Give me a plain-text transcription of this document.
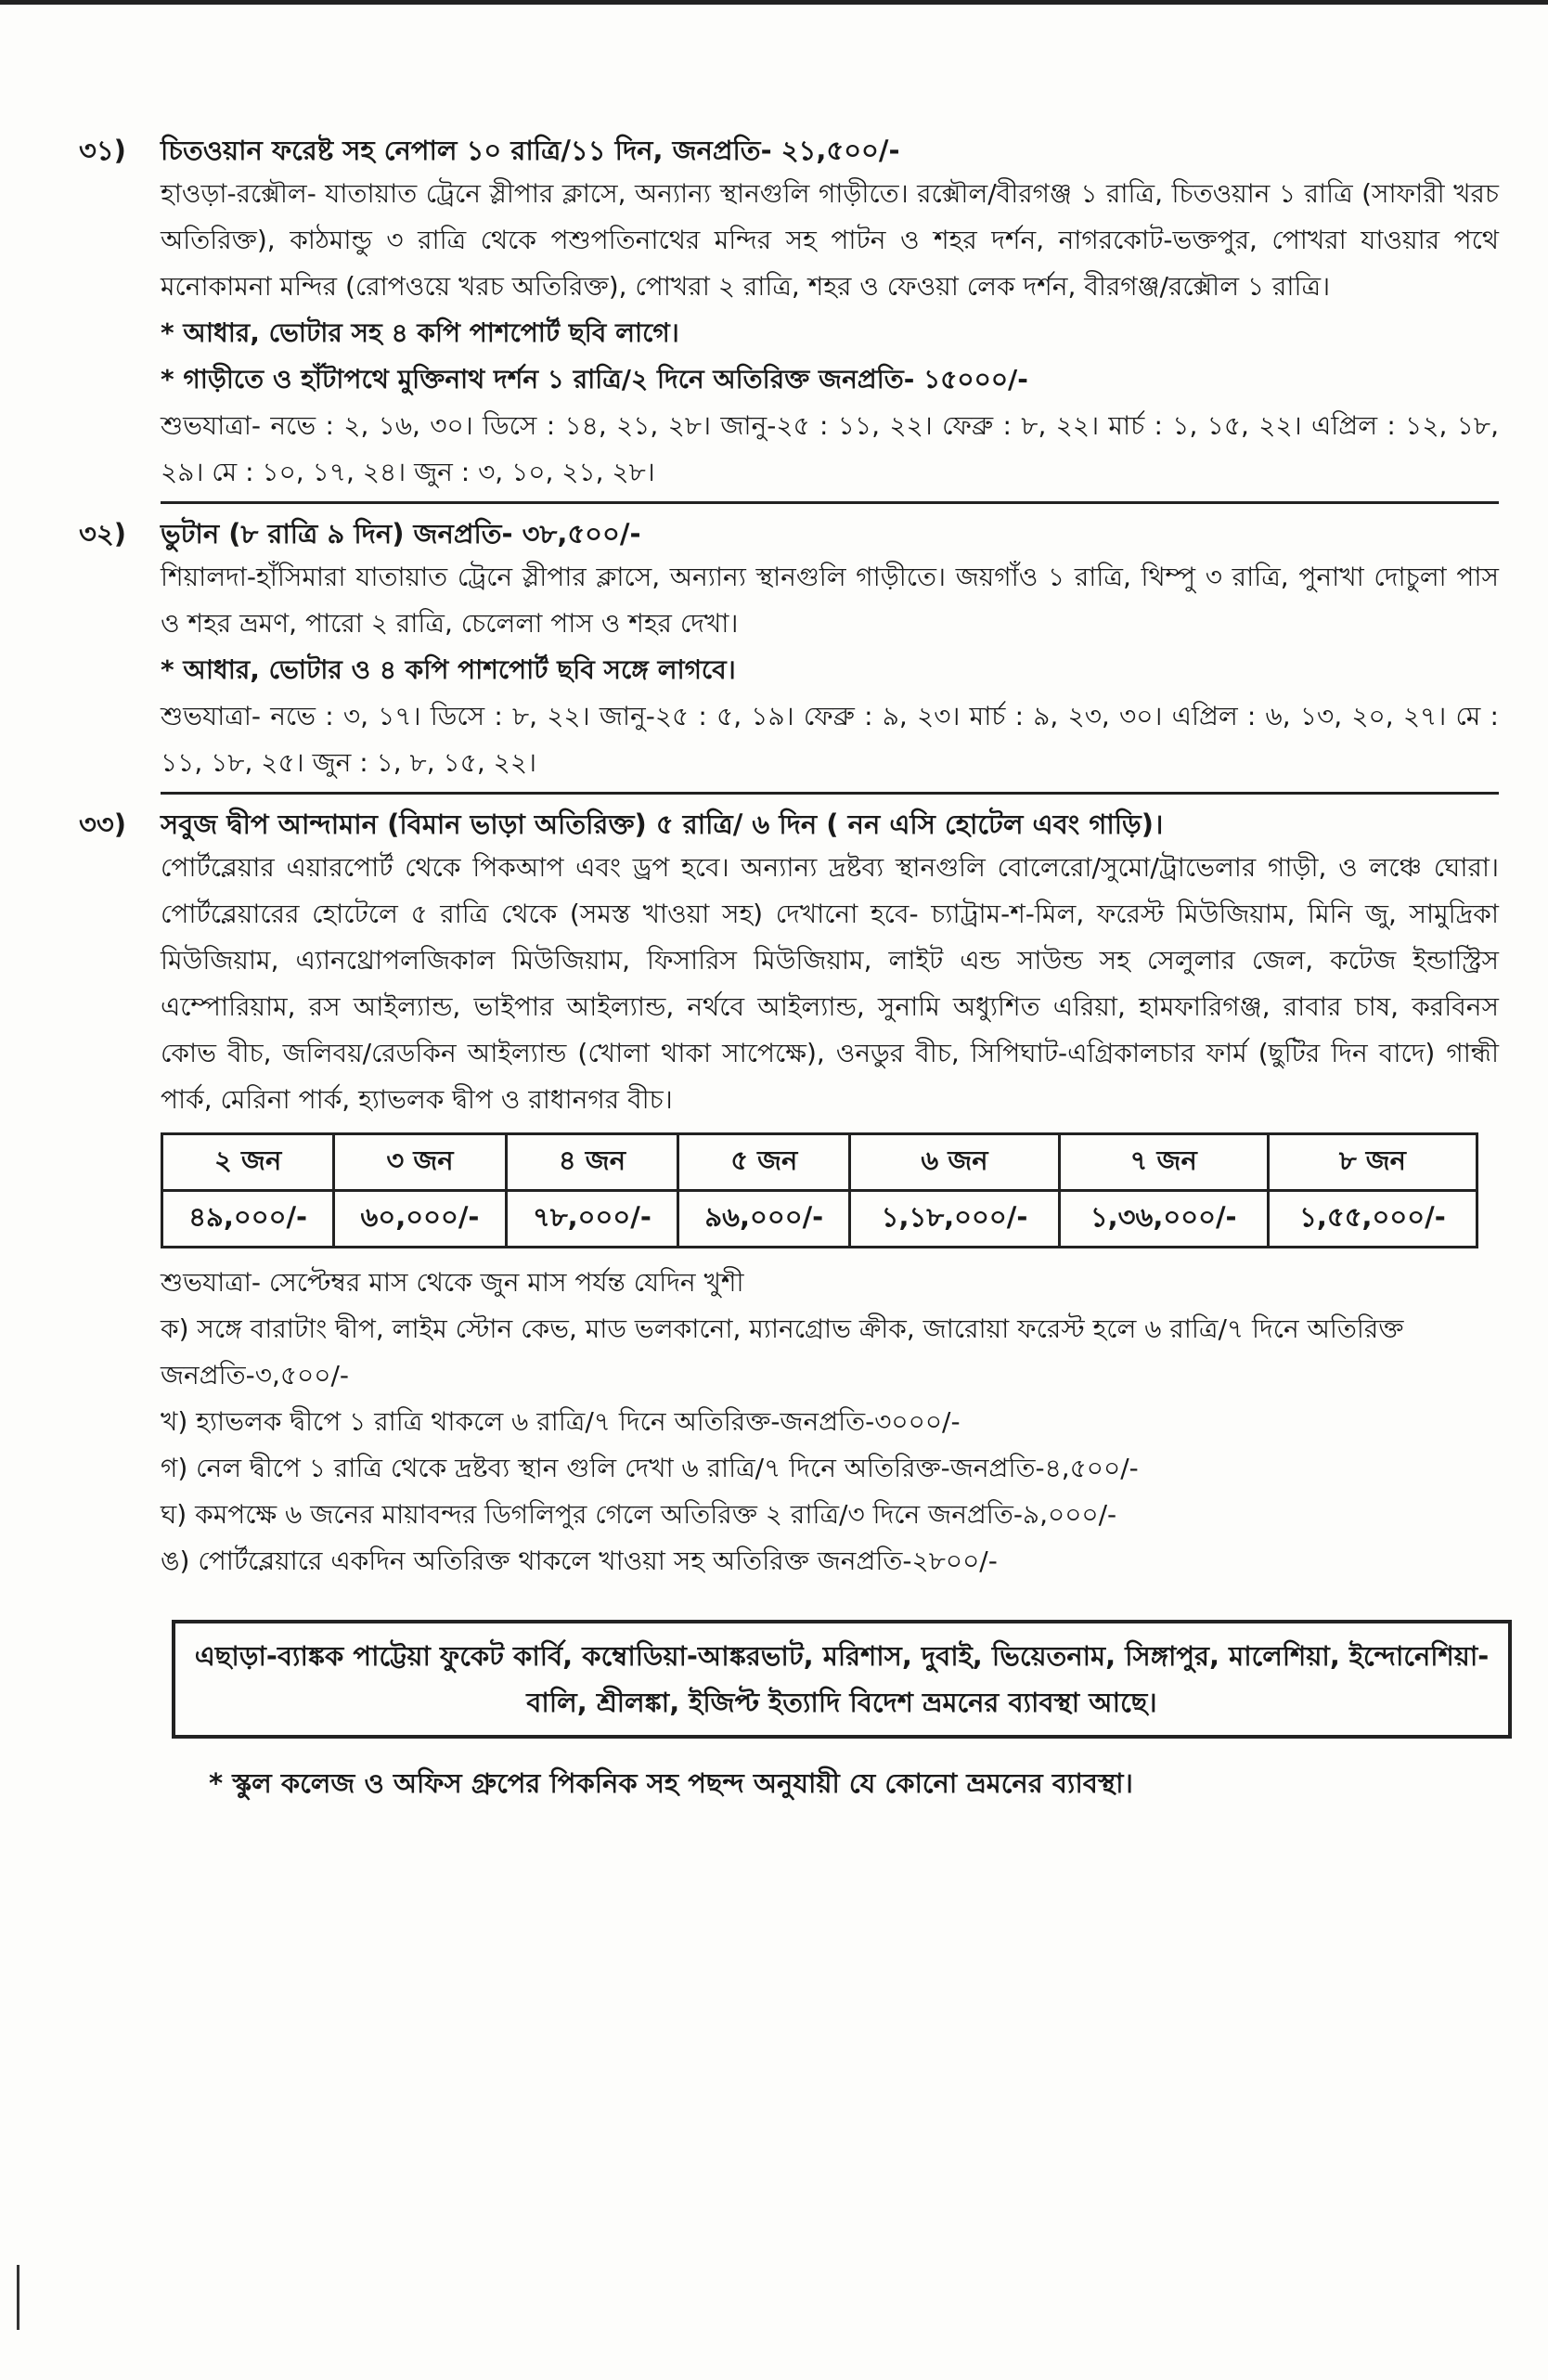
৩১)	চিতওয়ান ফরেষ্ট সহ নেপাল ১০ রাত্রি/১১ দিন, জনপ্রতি- ২১,৫০০/-

হাওড়া-রক্সৌল- যাতায়াত ট্রেনে স্লীপার ক্লাসে, অন্যান্য স্থানগুলি গাড়ীতে। রক্সৌল/বীরগঞ্জ ১ রাত্রি, চিতওয়ান ১ রাত্রি (সাফারী খরচ অতিরিক্ত), কাঠমান্ডু ৩ রাত্রি থেকে পশুপতিনাথের মন্দির সহ পাটন ও শহর দর্শন, নাগরকোট-ভক্তপুর, পোখরা যাওয়ার পথে মনোকামনা মন্দির (রোপওয়ে খরচ অতিরিক্ত), পোখরা ২ রাত্রি, শহর ও ফেওয়া লেক দর্শন, বীরগঞ্জ/রক্সৌল ১ রাত্রি।

* আধার, ভোটার সহ ৪ কপি পাশপোর্ট ছবি লাগে।

* গাড়ীতে ও হাঁটাপথে মুক্তিনাথ দর্শন ১ রাত্রি/২ দিনে অতিরিক্ত জনপ্রতি- ১৫০০০/-

শুভযাত্রা- নভে : ২, ১৬, ৩০। ডিসে : ১৪, ২১, ২৮। জানু-২৫ : ১১, ২২। ফেব্রু : ৮, ২২। মার্চ : ১, ১৫, ২২। এপ্রিল : ১২, ১৮, ২৯। মে : ১০, ১৭, ২৪। জুন : ৩, ১০, ২১, ২৮।

৩২)	ভুটান (৮ রাত্রি ৯ দিন) জনপ্রতি- ৩৮,৫০০/-

শিয়ালদা-হাঁসিমারা যাতায়াত ট্রেনে স্লীপার ক্লাসে, অন্যান্য স্থানগুলি গাড়ীতে। জয়গাঁও ১ রাত্রি, থিম্পু ৩ রাত্রি, পুনাখা দোচুলা পাস ও শহর ভ্রমণ, পারো ২ রাত্রি, চেলেলা পাস ও শহর দেখা।

* আধার, ভোটার ও ৪ কপি পাশপোর্ট ছবি সঙ্গে লাগবে।

শুভযাত্রা- নভে : ৩, ১৭। ডিসে : ৮, ২২। জানু-২৫ : ৫, ১৯। ফেব্রু : ৯, ২৩। মার্চ : ৯, ২৩, ৩০। এপ্রিল : ৬, ১৩, ২০, ২৭। মে : ১১, ১৮, ২৫। জুন : ১, ৮, ১৫, ২২।

৩৩)	সবুজ দ্বীপ আন্দামান (বিমান ভাড়া অতিরিক্ত) ৫ রাত্রি/ ৬ দিন ( নন এসি হোটেল এবং গাড়ি)।

পোর্টব্লেয়ার এয়ারপোর্ট থেকে পিকআপ এবং ড্রপ হবে। অন্যান্য দ্রষ্টব্য স্থানগুলি বোলেরো/সুমো/ট্রাভেলার গাড়ী, ও লঞ্চে ঘোরা। পোর্টব্লেয়ারের হোটেলে ৫ রাত্রি থেকে (সমস্ত খাওয়া সহ) দেখানো হবে- চ্যাট্রাম-শ-মিল, ফরেস্ট মিউজিয়াম, মিনি জু, সামুদ্রিকা মিউজিয়াম, এ্যানথ্রোপলজিকাল মিউজিয়াম, ফিসারিস মিউজিয়াম, লাইট এন্ড সাউন্ড সহ সেলুলার জেল, কটেজ ইন্ডাস্ট্রিস এম্পোরিয়াম, রস আইল্যান্ড, ভাইপার আইল্যান্ড, নর্থবে আইল্যান্ড, সুনামি অধ্যুশিত এরিয়া, হামফারিগঞ্জ, রাবার চাষ, করবিনস কোভ বীচ, জলিবয়/রেডকিন আইল্যান্ড (খোলা থাকা সাপেক্ষে), ওনডুর বীচ, সিপিঘাট-এগ্রিকালচার ফার্ম (ছুটির দিন বাদে) গান্ধী পার্ক, মেরিনা পার্ক, হ্যাভলক দ্বীপ ও রাধানগর বীচ।

২ জন	৩ জন	৪ জন	৫ জন	৬ জন	৭ জন	৮ জন
৪৯,০০০/-	৬০,০০০/-	৭৮,০০০/-	৯৬,০০০/-	১,১৮,০০০/-	১,৩৬,০০০/-	১,৫৫,০০০/-

শুভযাত্রা- সেপ্টেম্বর মাস থেকে জুন মাস পর্যন্ত যেদিন খুশী

ক) সঙ্গে বারাটাং দ্বীপ, লাইম স্টোন কেভ, মাড ভলকানো, ম্যানগ্রোভ ক্রীক, জারোয়া ফরেস্ট হলে ৬ রাত্রি/৭ দিনে অতিরিক্ত জনপ্রতি-৩,৫০০/-

খ) হ্যাভলক দ্বীপে ১ রাত্রি থাকলে ৬ রাত্রি/৭ দিনে অতিরিক্ত-জনপ্রতি-৩০০০/-

গ) নেল দ্বীপে ১ রাত্রি থেকে দ্রষ্টব্য স্থান গুলি দেখা ৬ রাত্রি/৭ দিনে অতিরিক্ত-জনপ্রতি-৪,৫০০/-

ঘ) কমপক্ষে ৬ জনের মায়াবন্দর ডিগলিপুর গেলে অতিরিক্ত ২ রাত্রি/৩ দিনে জনপ্রতি-৯,০০০/-

ঙ) পোর্টব্লেয়ারে একদিন অতিরিক্ত থাকলে খাওয়া সহ অতিরিক্ত জনপ্রতি-২৮০০/-

এছাড়া-ব্যাঙ্কক পাট্টেয়া ফুকেট কার্বি, কম্বোডিয়া-আঙ্করভাট, মরিশাস, দুবাই, ভিয়েতনাম, সিঙ্গাপুর, মালেশিয়া, ইন্দোনেশিয়া-বালি, শ্রীলঙ্কা, ইজিপ্ট ইত্যাদি বিদেশ ভ্রমনের ব্যাবস্থা আছে।
* স্কুল কলেজ ও অফিস গ্রুপের পিকনিক সহ পছন্দ অনুযায়ী যে কোনো ভ্রমনের ব্যাবস্থা।
